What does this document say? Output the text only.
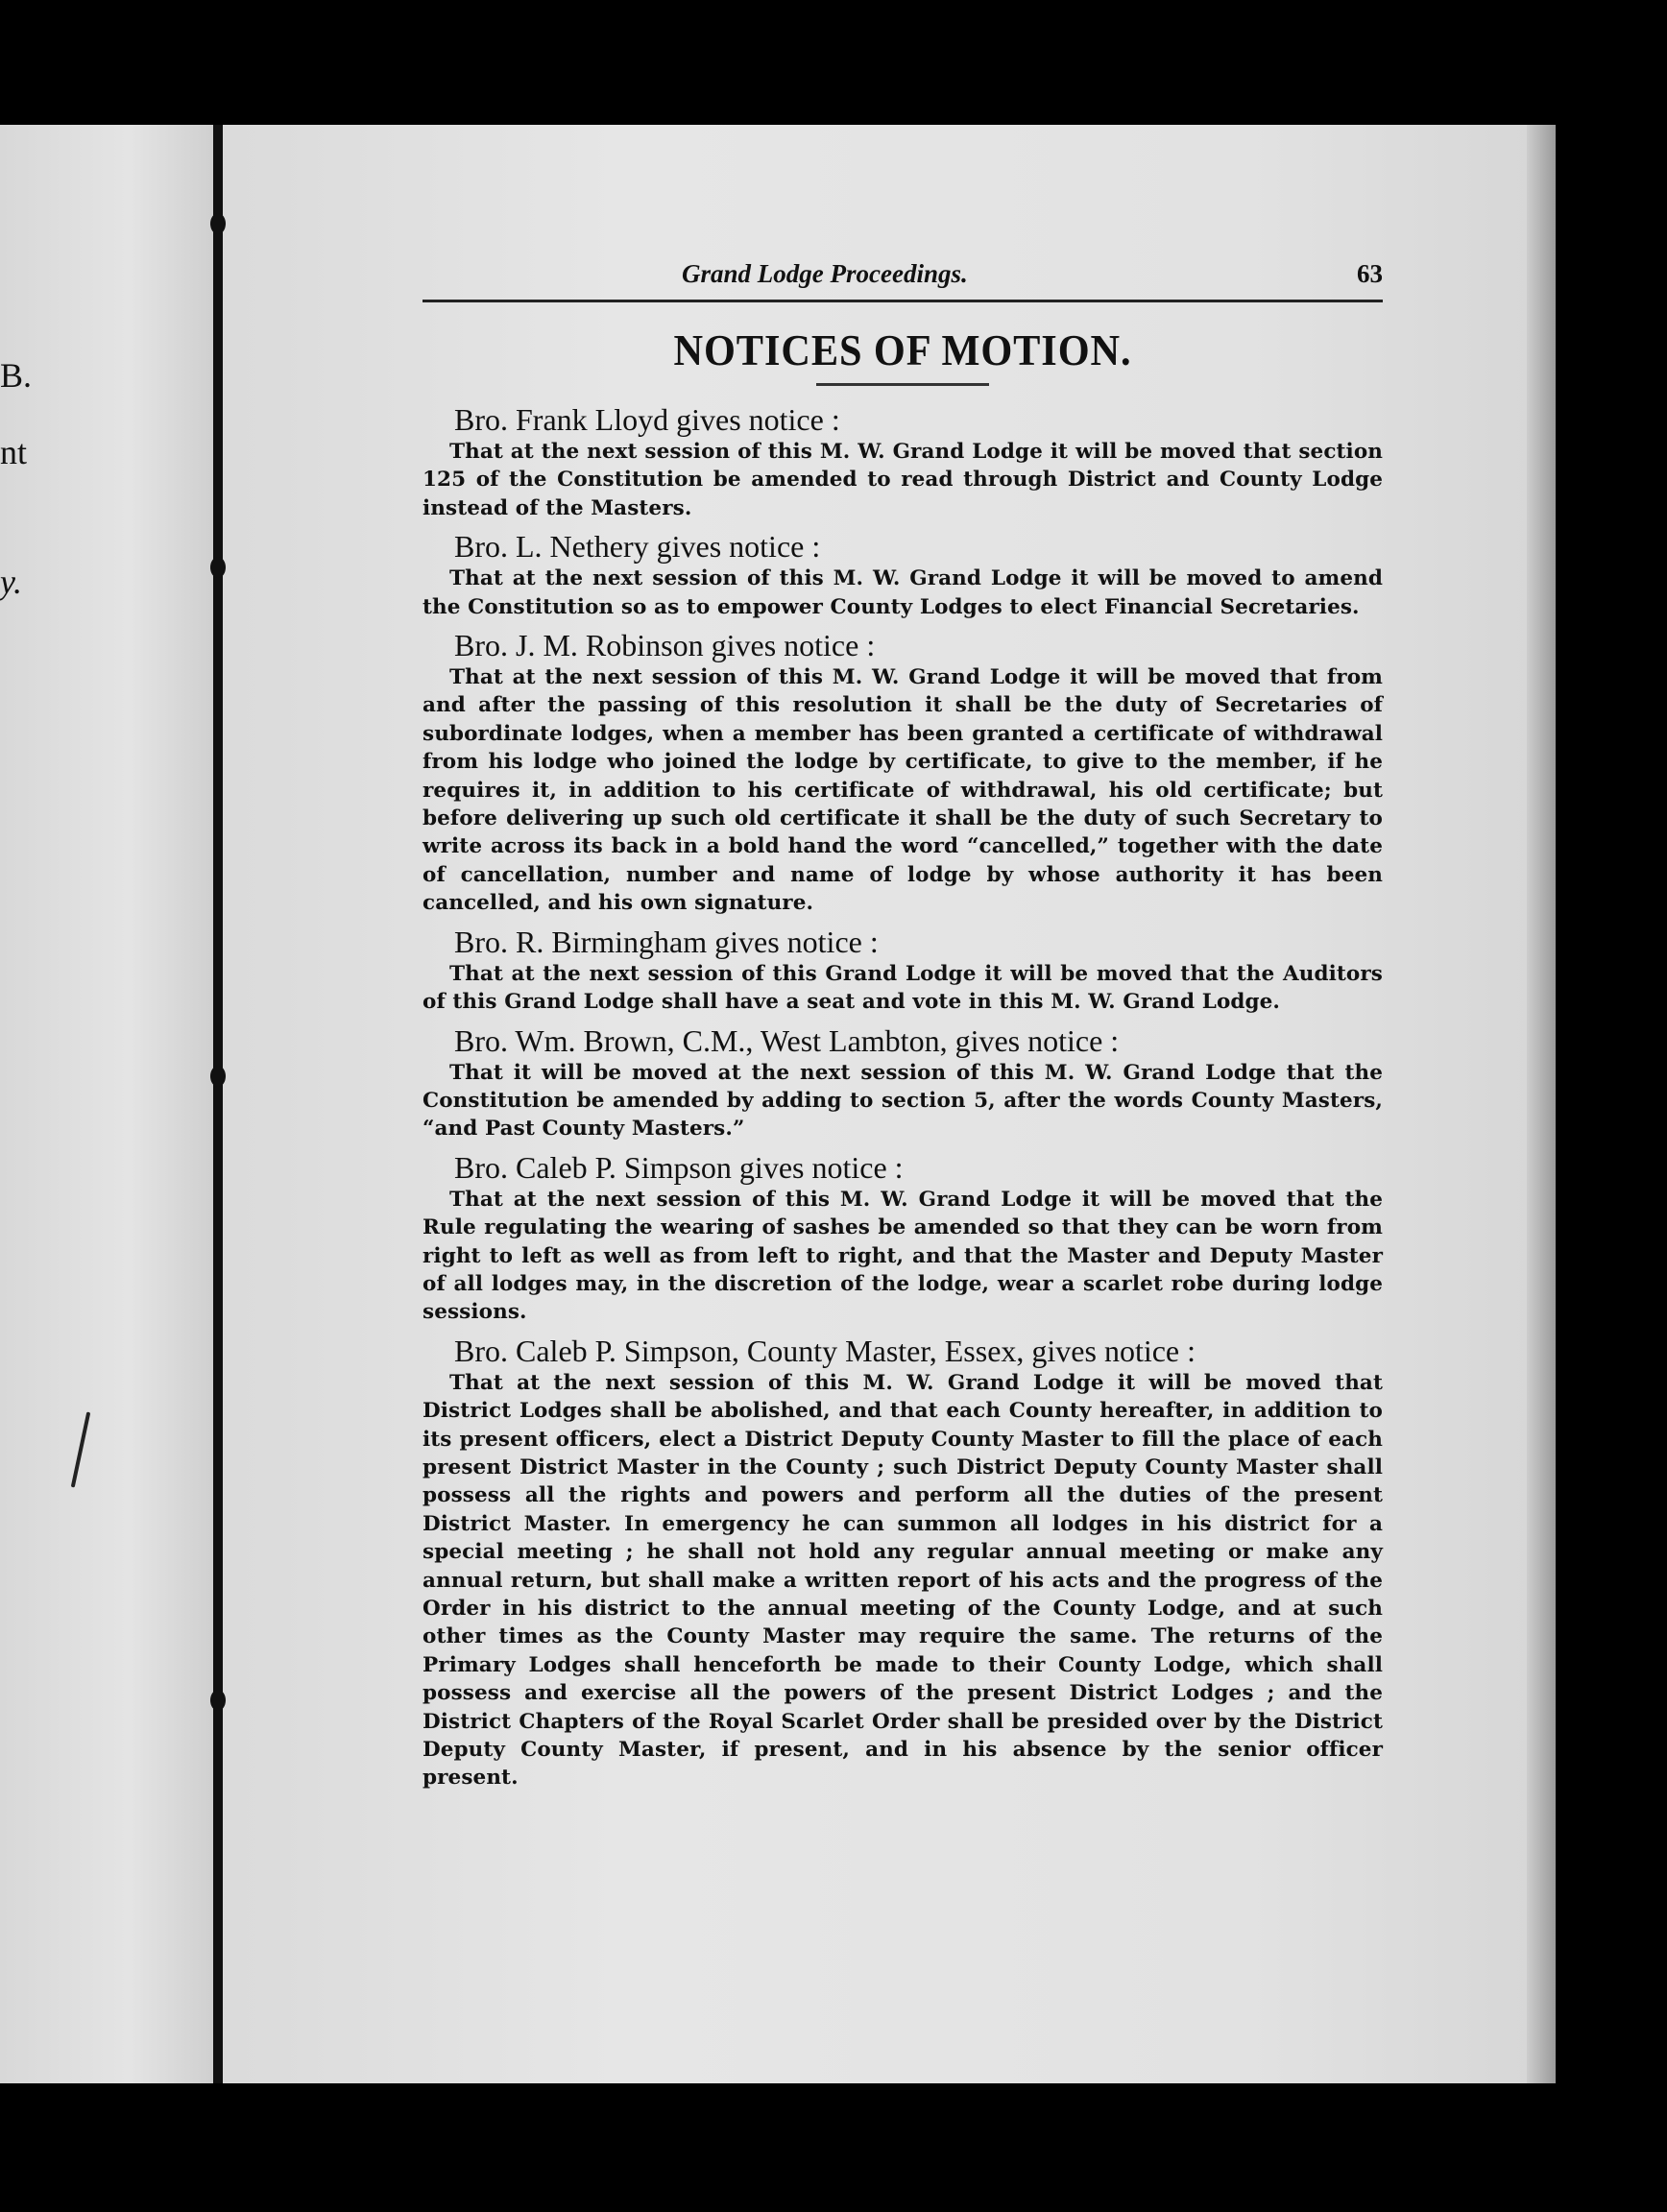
B.
nt
y.
Grand Lodge Proceedings.	63
NOTICES OF MOTION.

Bro. Frank Lloyd gives notice :

That at the next session of this M. W. Grand Lodge it will be moved that section 125 of the Constitution be amended to read through District and County Lodge instead of the Masters.

Bro. L. Nethery gives notice :

That at the next session of this M. W. Grand Lodge it will be moved to amend the Constitution so as to empower County Lodges to elect Financial Secretaries.

Bro. J. M. Robinson gives notice :

That at the next session of this M. W. Grand Lodge it will be moved that from and after the passing of this resolution it shall be the duty of Secretaries of subordinate lodges, when a member has been granted a certificate of withdrawal from his lodge who joined the lodge by certificate, to give to the member, if he requires it, in addition to his certificate of withdrawal, his old certificate; but before delivering up such old certificate it shall be the duty of such Secretary to write across its back in a bold hand the word “cancelled,” together with the date of cancellation, number and name of lodge by whose authority it has been cancelled, and his own signature.

Bro. R. Birmingham gives notice :

That at the next session of this Grand Lodge it will be moved that the Auditors of this Grand Lodge shall have a seat and vote in this M. W. Grand Lodge.

Bro. Wm. Brown, C.M., West Lambton, gives notice :

That it will be moved at the next session of this M. W. Grand Lodge that the Constitution be amended by adding to section 5, after the words County Masters, “and Past County Masters.”

Bro. Caleb P. Simpson gives notice :

That at the next session of this M. W. Grand Lodge it will be moved that the Rule regulating the wearing of sashes be amended so that they can be worn from right to left as well as from left to right, and that the Master and Deputy Master of all lodges may, in the discretion of the lodge, wear a scarlet robe during lodge sessions.

Bro. Caleb P. Simpson, County Master, Essex, gives notice :

That at the next session of this M. W. Grand Lodge it will be moved that District Lodges shall be abolished, and that each County hereafter, in addition to its present officers, elect a District Deputy County Master to fill the place of each present District Master in the County ; such District Deputy County Master shall possess all the rights and powers and perform all the duties of the present District Master. In emergency he can summon all lodges in his district for a special meeting ; he shall not hold any regular annual meeting or make any annual return, but shall make a written report of his acts and the progress of the Order in his district to the annual meeting of the County Lodge, and at such other times as the County Master may require the same. The returns of the Primary Lodges shall henceforth be made to their County Lodge, which shall possess and exercise all the powers of the present District Lodges ; and the District Chapters of the Royal Scarlet Order shall be presided over by the District Deputy County Master, if present, and in his absence by the senior officer present.
